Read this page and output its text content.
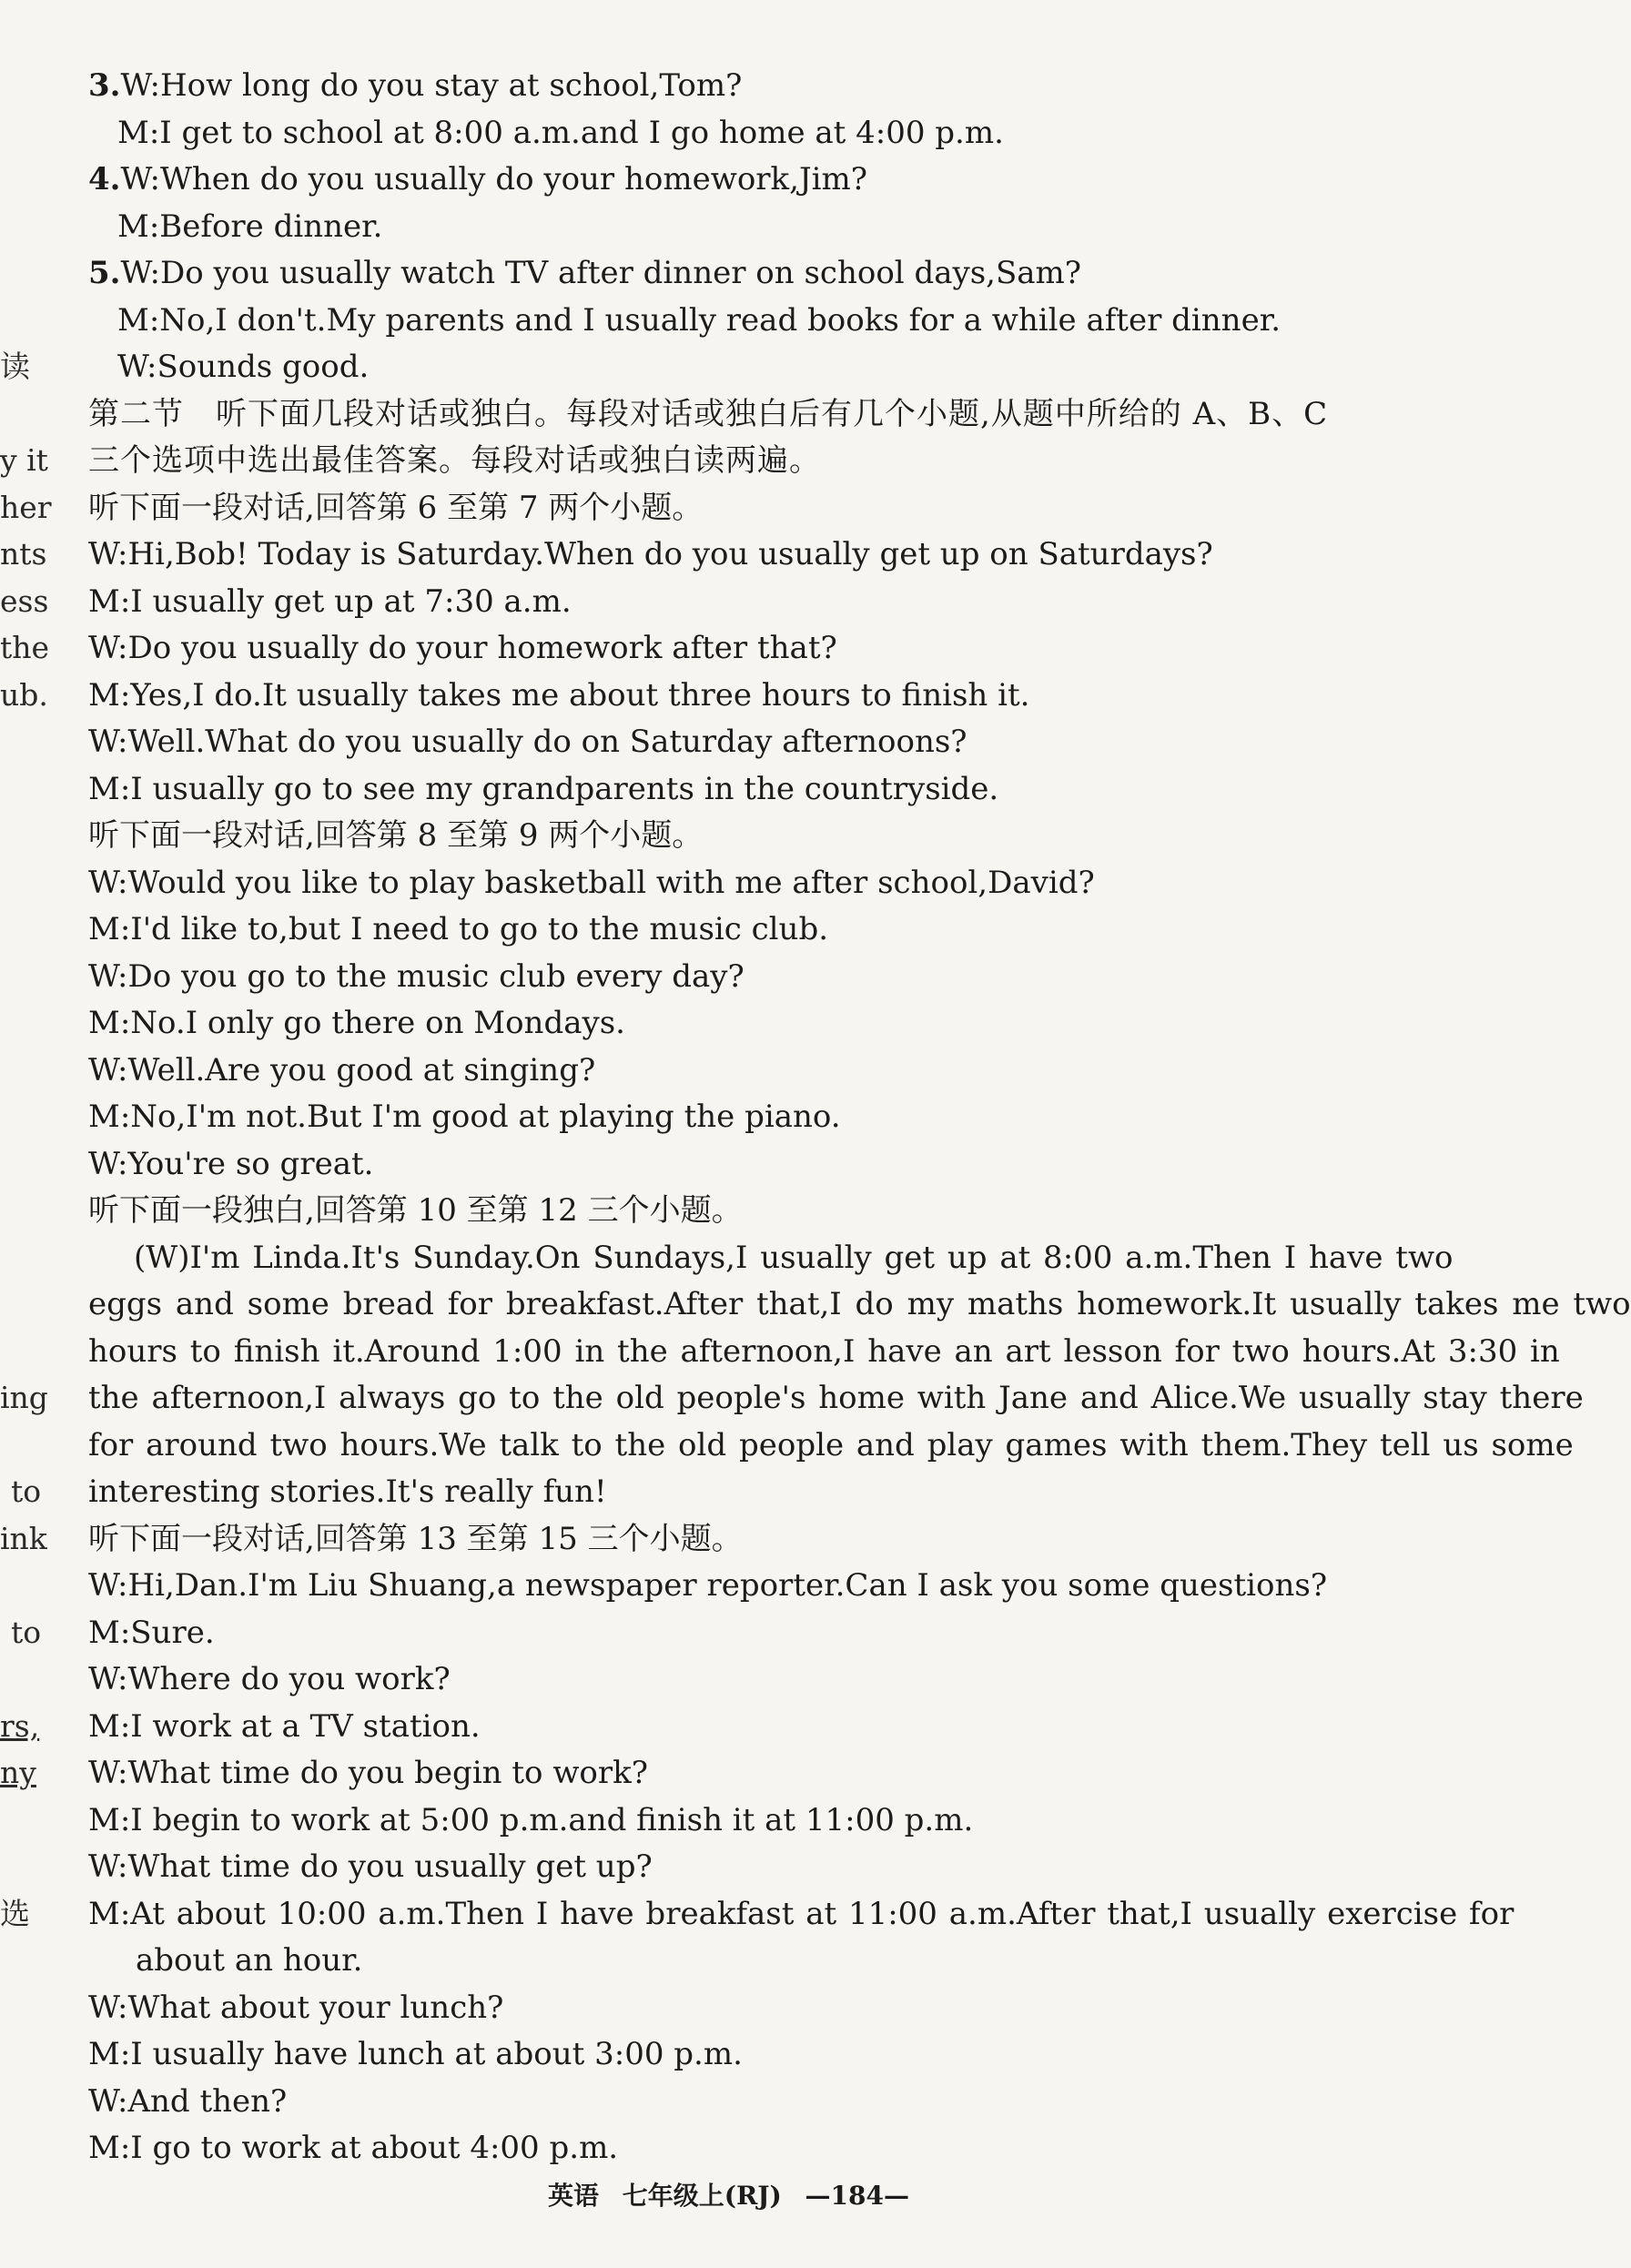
读
y it
her
nts
ess
the
ub.
ing
to
ink
to
rs,
ny
选
3.W:How long do you stay at school,Tom?
M:I get to school at 8:00 a.m.and I go home at 4:00 p.m.
4.W:When do you usually do your homework,Jim?
M:Before dinner.
5.W:Do you usually watch TV after dinner on school days,Sam?
M:No,I don't.My parents and I usually read books for a while after dinner.
W:Sounds good.
第二节　听下面几段对话或独白。每段对话或独白后有几个小题,从题中所给的 A、B、C
三个选项中选出最佳答案。每段对话或独白读两遍。
听下面一段对话,回答第 6 至第 7 两个小题。
W:Hi,Bob! Today is Saturday.When do you usually get up on Saturdays?
M:I usually get up at 7:30 a.m.
W:Do you usually do your homework after that?
M:Yes,I do.It usually takes me about three hours to finish it.
W:Well.What do you usually do on Saturday afternoons?
M:I usually go to see my grandparents in the countryside.
听下面一段对话,回答第 8 至第 9 两个小题。
W:Would you like to play basketball with me after school,David?
M:I'd like to,but I need to go to the music club.
W:Do you go to the music club every day?
M:No.I only go there on Mondays.
W:Well.Are you good at singing?
M:No,I'm not.But I'm good at playing the piano.
W:You're so great.
听下面一段独白,回答第 10 至第 12 三个小题。
(W)I'm Linda.It's Sunday.On Sundays,I usually get up at 8:00 a.m.Then I have two
eggs and some bread for breakfast.After that,I do my maths homework.It usually takes me two
hours to finish it.Around 1:00 in the afternoon,I have an art lesson for two hours.At 3:30 in
the afternoon,I always go to the old people's home with Jane and Alice.We usually stay there
for around two hours.We talk to the old people and play games with them.They tell us some
interesting stories.It's really fun!
听下面一段对话,回答第 13 至第 15 三个小题。
W:Hi,Dan.I'm Liu Shuang,a newspaper reporter.Can I ask you some questions?
M:Sure.
W:Where do you work?
M:I work at a TV station.
W:What time do you begin to work?
M:I begin to work at 5:00 p.m.and finish it at 11:00 p.m.
W:What time do you usually get up?
M:At about 10:00 a.m.Then I have breakfast at 11:00 a.m.After that,I usually exercise for
about an hour.
W:What about your lunch?
M:I usually have lunch at about 3:00 p.m.
W:And then?
M:I go to work at about 4:00 p.m.
英语 七年级上(RJ) —184—
